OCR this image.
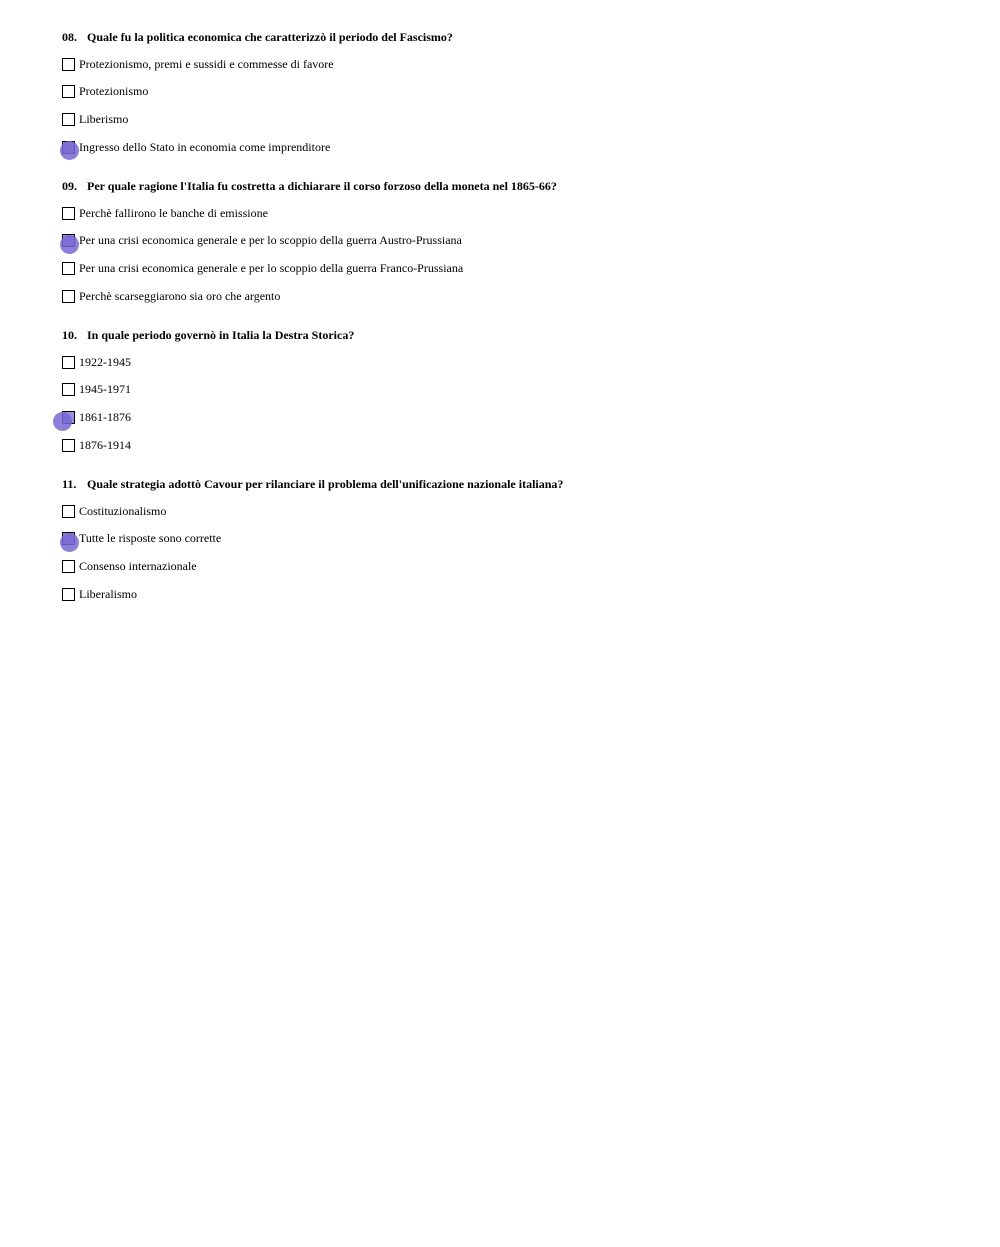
08. Quale fu la politica economica che caratterizzò il periodo del Fascismo?
Protezionismo, premi e sussidi e commesse di favore
Protezionismo
Liberismo
Ingresso dello Stato in economia come imprenditore
09. Per quale ragione l'Italia fu costretta a dichiarare il corso forzoso della moneta nel 1865-66?
Perchè fallirono le banche di emissione
Per una crisi economica generale e per lo scoppio della guerra Austro-Prussiana
Per una crisi economica generale e per lo scoppio della guerra Franco-Prussiana
Perchè scarseggiarono sia oro che argento
10. In quale periodo governò in Italia la Destra Storica?
1922-1945
1945-1971
1861-1876
1876-1914
11. Quale strategia adottò Cavour per rilanciare il problema dell'unificazione nazionale italiana?
Costituzionalismo
Tutte le risposte sono corrette
Consenso internazionale
Liberalismo
